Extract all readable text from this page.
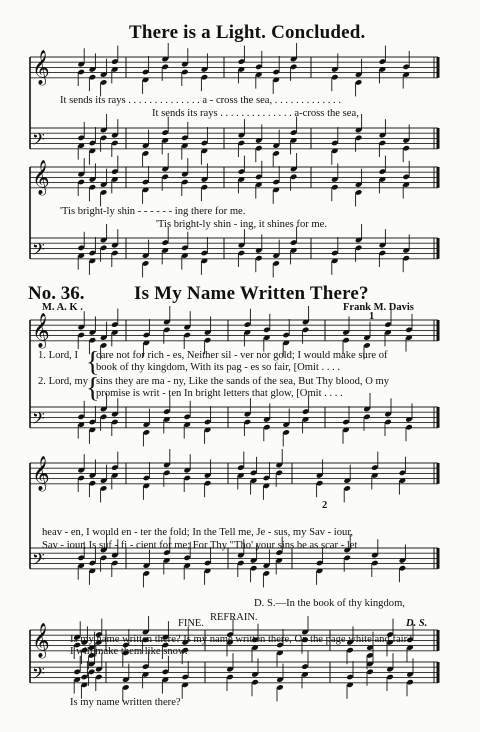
𝄞
𝄢
𝄞
𝄢
𝄞
𝄢
𝄞
𝄢
𝄞
𝄢
There is a Light. Concluded.
It sends its rays . . . . . . . . . . . . . . a - cross the sea, . . . . . . . . . . . . .
It sends its rays . . . . . . . . . . . . . . a-cross the sea,
'Tis bright-ly shin - - - - - - ing there for me.
'Tis bright-ly shin - ing, it shines for me.
No. 36.	Is My Name Written There?
M. A. K .	Frank M. Davis
1
1. Lord, I care not for rich - es, Neither sil - ver nor gold; I would make sure of
book of thy kingdom, With its pag - es so fair, [Omit . . . .
2. Lord, my sins they are ma - ny, Like the sands of the sea, But Thy blood, O my
promise is writ - ten In bright letters that glow, [Omit . . . .
{
{
2
heav - en, I would en - ter the fold; In the Tell me, Je - sus, my Sav - iour,
Sav - iour, Is suf - fi - cient for me; For Thy "Tho' your sins be as scar - let
D. S.—In the book of thy kingdom,
FINE.
REFRAIN.
D. S.
Is my name written there? Is my name written there, On the page white and fair?
I will make them like snow.
Is my name written there?
